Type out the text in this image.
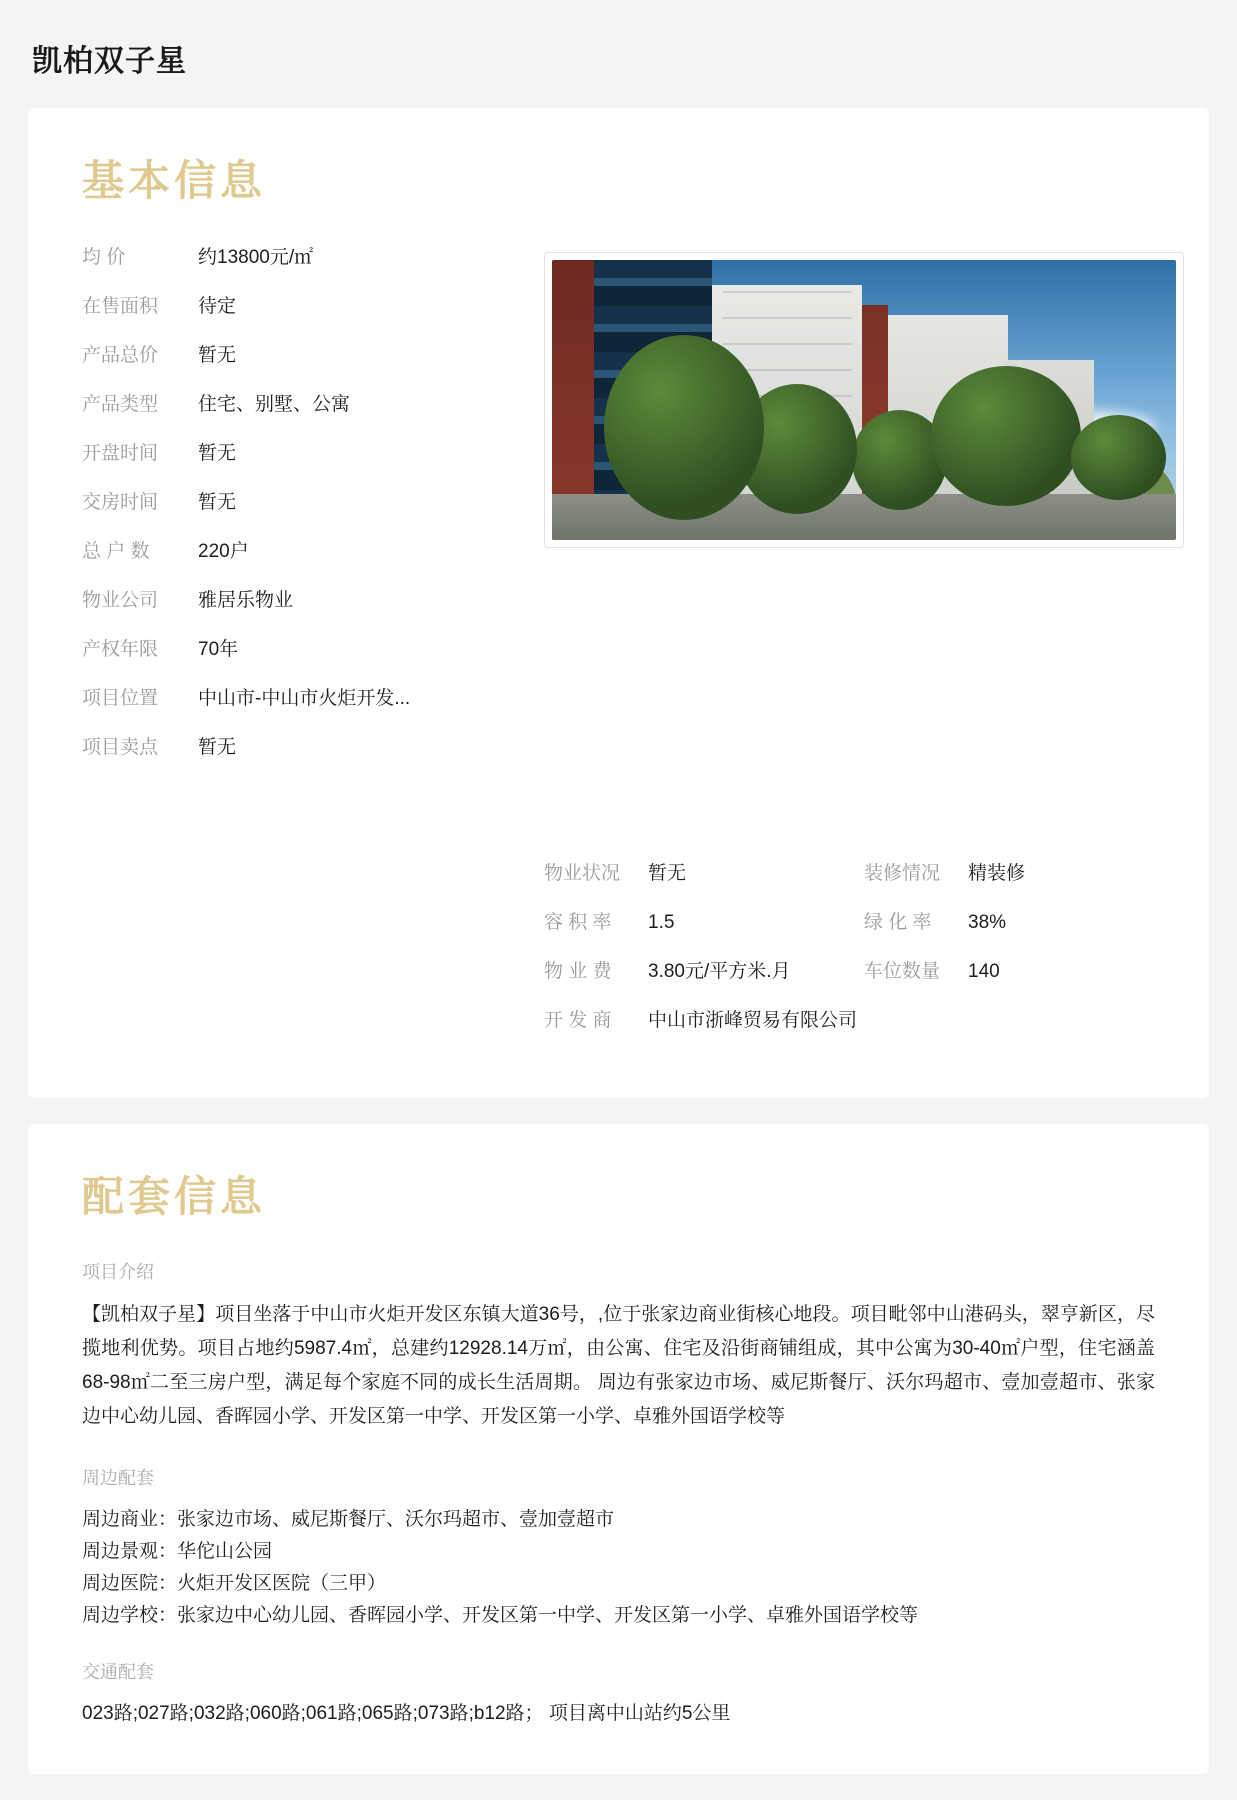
凯柏双子星
基本信息
均 价	约13800元/㎡
在售面积	待定
产品总价	暂无
产品类型	住宅、别墅、公寓
开盘时间	暂无
交房时间	暂无
总 户 数	220户
物业公司	雅居乐物业
产权年限	70年
项目位置	中山市-中山市火炬开发...
项目卖点	暂无
物业状况	暂无	装修情况	精装修
容 积 率	1.5	绿 化 率	38%
物 业 费	3.80元/平方米.月	车位数量	140
开 发 商	中山市浙峰贸易有限公司
配套信息
项目介绍
【凯柏双子星】项目坐落于中山市火炬开发区东镇大道36号，,位于张家边商业街核心地段。项目毗邻中山港码头，翠亨新区，尽揽地利优势。项目占地约5987.4㎡，总建约12928.14万㎡，由公寓、住宅及沿街商铺组成，其中公寓为30-40㎡户型，住宅涵盖68-98㎡二至三房户型，满足每个家庭不同的成长生活周期。 周边有张家边市场、威尼斯餐厅、沃尔玛超市、壹加壹超市、张家边中心幼儿园、香晖园小学、开发区第一中学、开发区第一小学、卓雅外国语学校等
周边配套
周边商业：张家边市场、威尼斯餐厅、沃尔玛超市、壹加壹超市
周边景观：华佗山公园
周边医院：火炬开发区医院（三甲）
周边学校：张家边中心幼儿园、香晖园小学、开发区第一中学、开发区第一小学、卓雅外国语学校等
交通配套
023路;027路;032路;060路;061路;065路;073路;b12路； 项目离中山站约5公里
